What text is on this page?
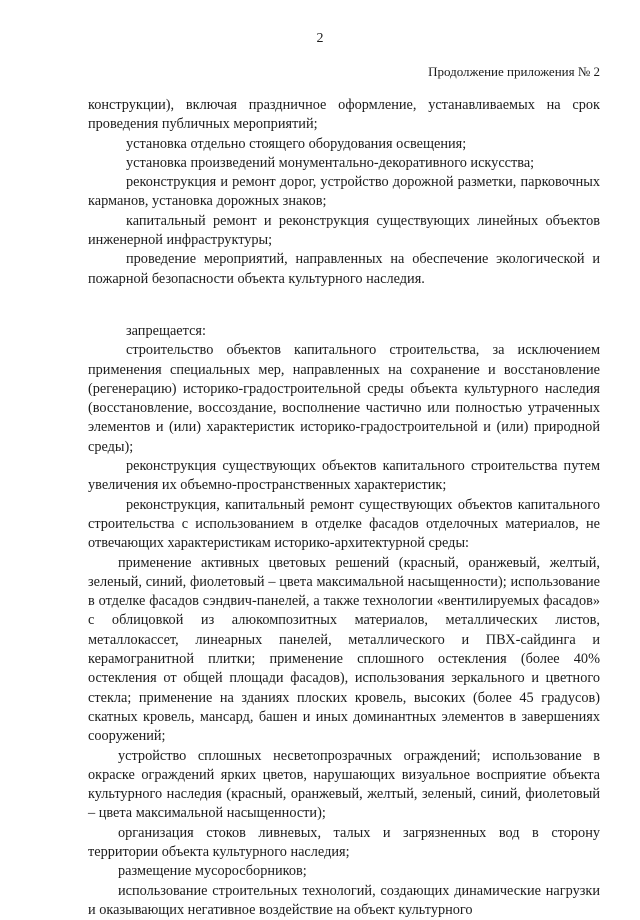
2
Продолжение приложения № 2

конструкции), включая праздничное оформление, устанавливаемых на срок проведения публичных мероприятий;

установка отдельно стоящего оборудования освещения;

установка произведений монументально-декоративного искусства;

реконструкция и ремонт дорог, устройство дорожной разметки, парковочных карманов, установка дорожных знаков;

капитальный ремонт и реконструкция существующих линейных объектов инженерной инфраструктуры;

проведение мероприятий, направленных на обеспечение экологической и пожарной безопасности объекта культурного наследия.

запрещается:

строительство объектов капитального строительства, за исключением применения специальных мер, направленных на сохранение и восстановление (регенерацию) историко-градостроительной среды объекта культурного наследия (восстановление, воссоздание, восполнение частично или полностью утраченных элементов и (или) характеристик историко-градостроительной и (или) природной среды);

реконструкция существующих объектов капитального строительства путем увеличения их объемно-пространственных характеристик;

реконструкция, капитальный ремонт существующих объектов капитального строительства с использованием в отделке фасадов отделочных материалов, не отвечающих характеристикам историко-архитектурной среды:

применение активных цветовых решений (красный, оранжевый, желтый, зеленый, синий, фиолетовый – цвета максимальной насыщенности); использование в отделке фасадов сэндвич-панелей, а также технологии «вентилируемых фасадов» с облицовкой из алюкомпозитных материалов, металлических листов, металлокассет, линеарных панелей, металлического и ПВХ-сайдинга и керамогранитной плитки; применение сплошного остекления (более 40% остекления от общей площади фасадов), использования зеркального и цветного стекла; применение на зданиях плоских кровель, высоких (более 45 градусов) скатных кровель, мансард, башен и иных доминантных элементов в завершениях сооружений;

устройство сплошных несветопрозрачных ограждений; использование в окраске ограждений ярких цветов, нарушающих визуальное восприятие объекта культурного наследия (красный, оранжевый, желтый, зеленый, синий, фиолетовый – цвета максимальной насыщенности);

организация стоков ливневых, талых и загрязненных вод в сторону территории объекта культурного наследия;

размещение мусоросборников;

использование строительных технологий, создающих динамические нагрузки и оказывающих негативное воздействие на объект культурного
